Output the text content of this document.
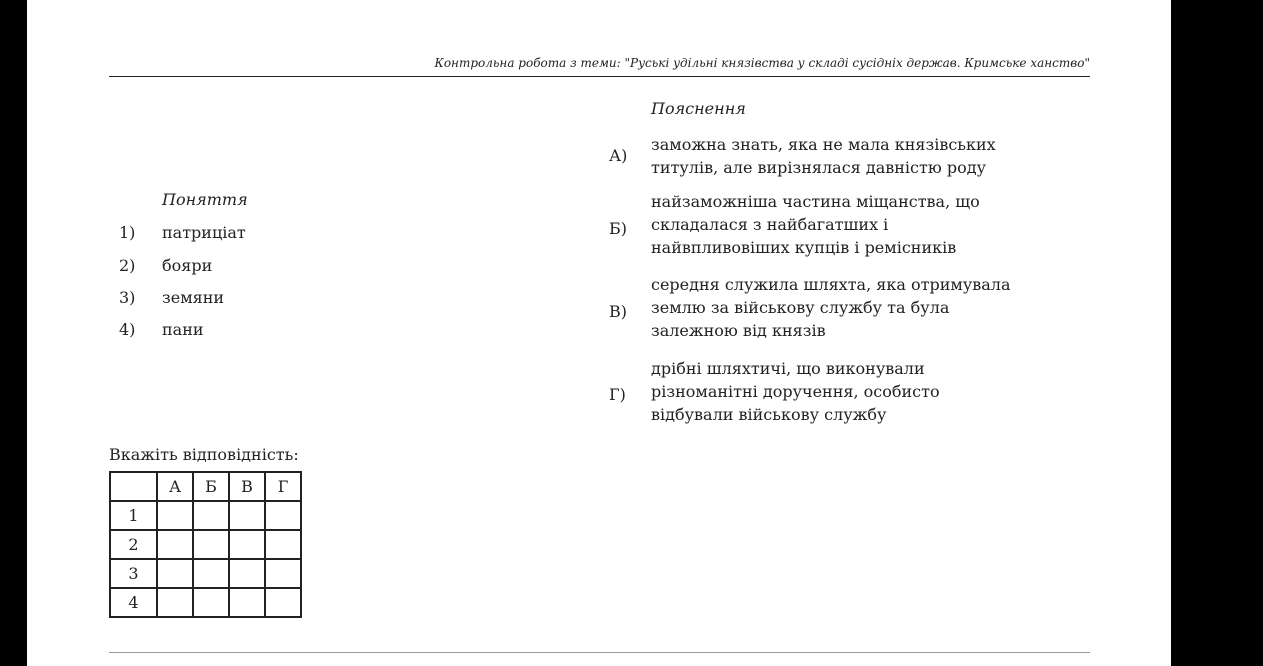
Контрольна робота з теми: "Руські удільні князівства у складі сусідніх держав. Кримське ханство"
Поняття
1) патриціат
2) бояри
3) земяни
4) пани
Пояснення
А)
заможна знать, яка не мала князівських
титулів, але вирізнялася давністю роду
Б)
найзаможніша частина міщанства, що
складалася з найбагатших і
найвпливовіших купців і ремісників
В)
середня служила шляхта, яка отримувала
землю за військову службу та була
залежною від князів
Г)
дрібні шляхтичі, що виконували
різноманітні доручення, особисто
відбували військову службу
Вкажіть відповідність:
	А	Б	В	Г
1				
2				
3				
4				
